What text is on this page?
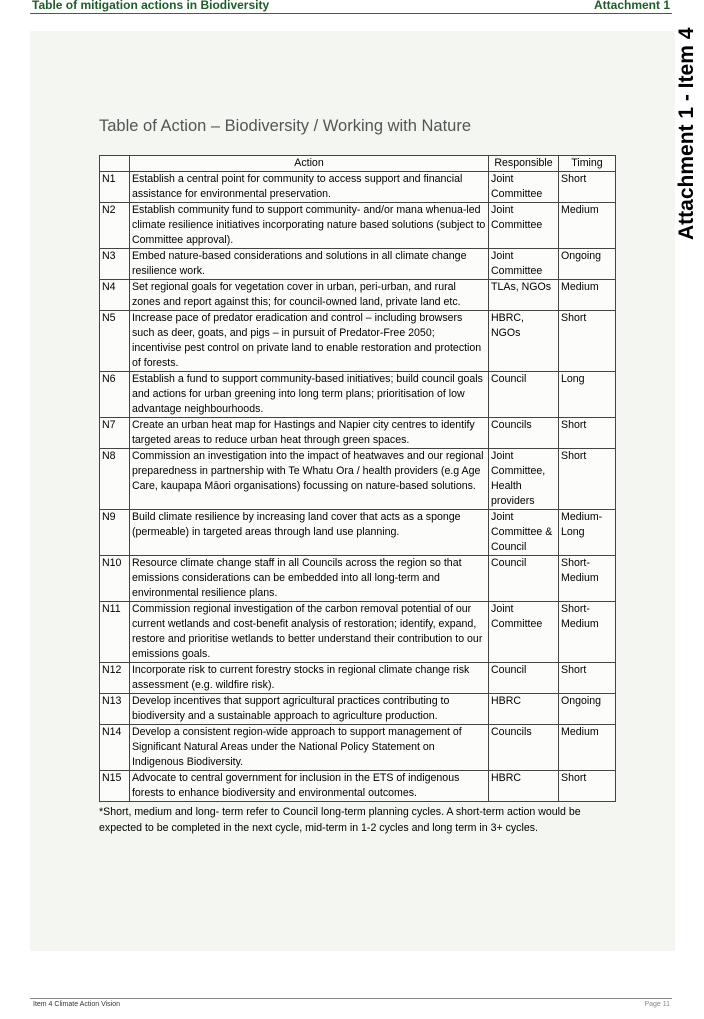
Table of mitigation actions in Biodiversity	Attachment 1
Attachment 1 - Item 4
Table of Action – Biodiversity / Working with Nature
	Action	Responsible	Timing
N1	Establish a central point for community to access support and financial assistance for environmental preservation.	Joint Committee	Short
N2	Establish community fund to support community- and/or mana whenua-led climate resilience initiatives incorporating nature based solutions (subject to Committee approval).	Joint Committee	Medium
N3	Embed nature-based considerations and solutions in all climate change resilience work.	Joint Committee	Ongoing
N4	Set regional goals for vegetation cover in urban, peri-urban, and rural zones and report against this; for council-owned land, private land etc.	TLAs, NGOs	Medium
N5	Increase pace of predator eradication and control – including browsers such as deer, goats, and pigs – in pursuit of Predator-Free 2050; incentivise pest control on private land to enable restoration and protection of forests.	HBRC, NGOs	Short
N6	Establish a fund to support community-based initiatives; build council goals and actions for urban greening into long term plans; prioritisation of low advantage neighbourhoods.	Council	Long
N7	Create an urban heat map for Hastings and Napier city centres to identify targeted areas to reduce urban heat through green spaces.	Councils	Short
N8	Commission an investigation into the impact of heatwaves and our regional preparedness in partnership with Te Whatu Ora / health providers (e.g Age Care, kaupapa Māori organisations) focussing on nature-based solutions.	Joint Committee, Health providers	Short
N9	Build climate resilience by increasing land cover that acts as a sponge (permeable) in targeted areas through land use planning.	Joint Committee & Council	Medium-Long
N10	Resource climate change staff in all Councils across the region so that emissions considerations can be embedded into all long-term and environmental resilience plans.	Council	Short-Medium
N11	Commission regional investigation of the carbon removal potential of our current wetlands and cost-benefit analysis of restoration; identify, expand, restore and prioritise wetlands to better understand their contribution to our emissions goals.	Joint Committee	Short-Medium
N12	Incorporate risk to current forestry stocks in regional climate change risk assessment (e.g. wildfire risk).	Council	Short
N13	Develop incentives that support agricultural practices contributing to biodiversity and a sustainable approach to agriculture production.	HBRC	Ongoing
N14	Develop a consistent region-wide approach to support management of Significant Natural Areas under the National Policy Statement on Indigenous Biodiversity.	Councils	Medium
N15	Advocate to central government for inclusion in the ETS of indigenous forests to enhance biodiversity and environmental outcomes.	HBRC	Short
*Short, medium and long- term refer to Council long-term planning cycles. A short-term action would be expected to be completed in the next cycle, mid-term in 1-2 cycles and long term in 3+ cycles.
Item 4 Climate Action Vision	Page 11
